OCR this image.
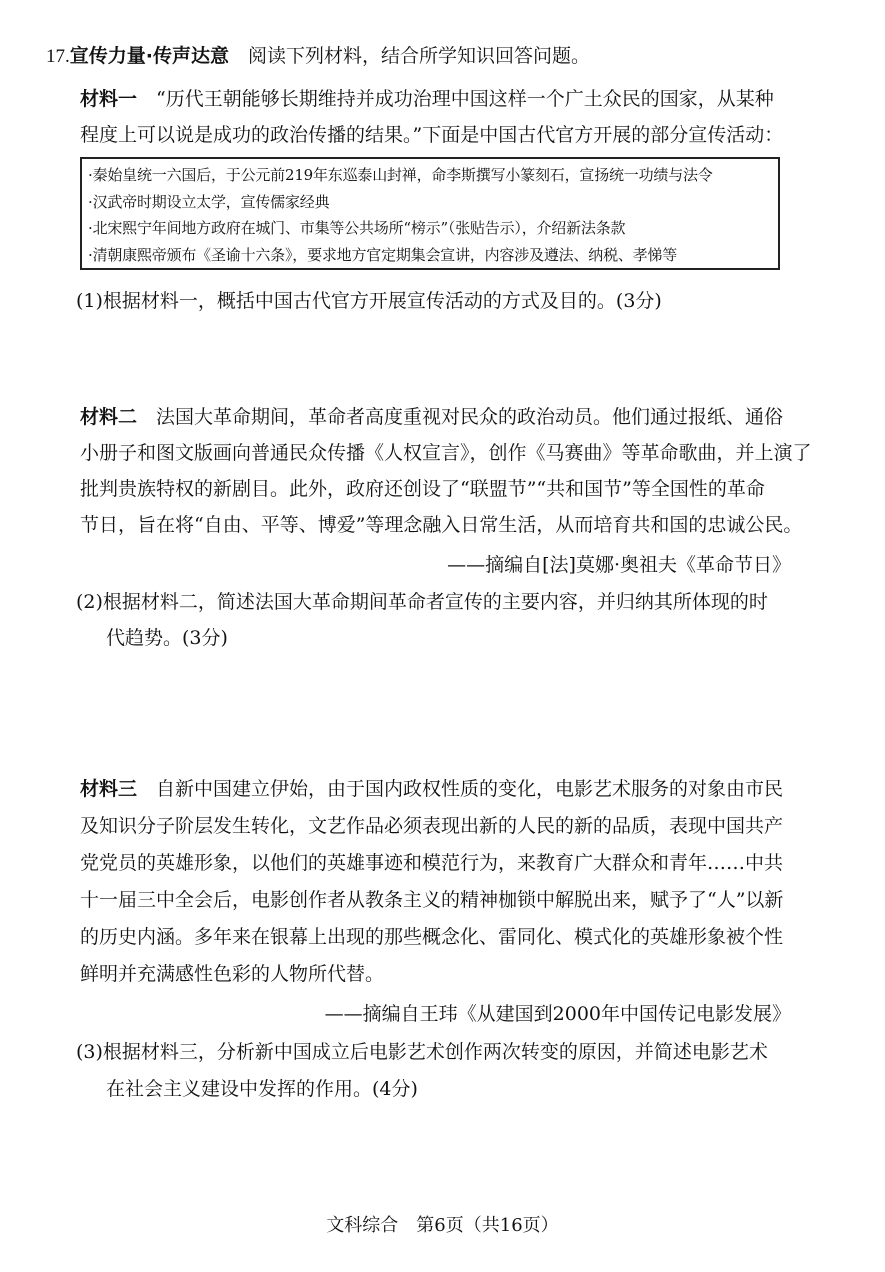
17.宣传力量·传声达意　 阅读下列材料，结合所学知识回答问题。
材料一　 “历代王朝能够长期维持并成功治理中国这样一个广土众民的国家，从某种
程度上可以说是成功的政治传播的结果。”下面是中国古代官方开展的部分宣传活动：
·秦始皇统一六国后，于公元前219年东巡泰山封禅，命李斯撰写小篆刻石，宣扬统一功绩与法令
·汉武帝时期设立太学，宣传儒家经典
·北宋熙宁年间地方政府在城门、市集等公共场所“榜示”（张贴告示），介绍新法条款
·清朝康熙帝颁布《圣谕十六条》，要求地方官定期集会宣讲，内容涉及遵法、纳税、孝悌等
(1)根据材料一，概括中国古代官方开展宣传活动的方式及目的。(3分)
材料二　 法国大革命期间，革命者高度重视对民众的政治动员。他们通过报纸、通俗
小册子和图文版画向普通民众传播《人权宣言》，创作《马赛曲》等革命歌曲，并上演了
批判贵族特权的新剧目。此外，政府还创设了“联盟节”“共和国节”等全国性的革命
节日，旨在将“自由、平等、博爱”等理念融入日常生活，从而培育共和国的忠诚公民。
——摘编自[法]莫娜·奥祖夫《革命节日》
(2)根据材料二，简述法国大革命期间革命者宣传的主要内容，并归纳其所体现的时
代趋势。(3分)
材料三　 自新中国建立伊始，由于国内政权性质的变化，电影艺术服务的对象由市民
及知识分子阶层发生转化，文艺作品必须表现出新的人民的新的品质，表现中国共产
党党员的英雄形象，以他们的英雄事迹和模范行为，来教育广大群众和青年……中共
十一届三中全会后，电影创作者从教条主义的精神枷锁中解脱出来，赋予了“人”以新
的历史内涵。多年来在银幕上出现的那些概念化、雷同化、模式化的英雄形象被个性
鲜明并充满感性色彩的人物所代替。
——摘编自王玮《从建国到2000年中国传记电影发展》
(3)根据材料三，分析新中国成立后电影艺术创作两次转变的原因，并简述电影艺术
在社会主义建设中发挥的作用。(4分)
文科综合　第6页（共16页）
